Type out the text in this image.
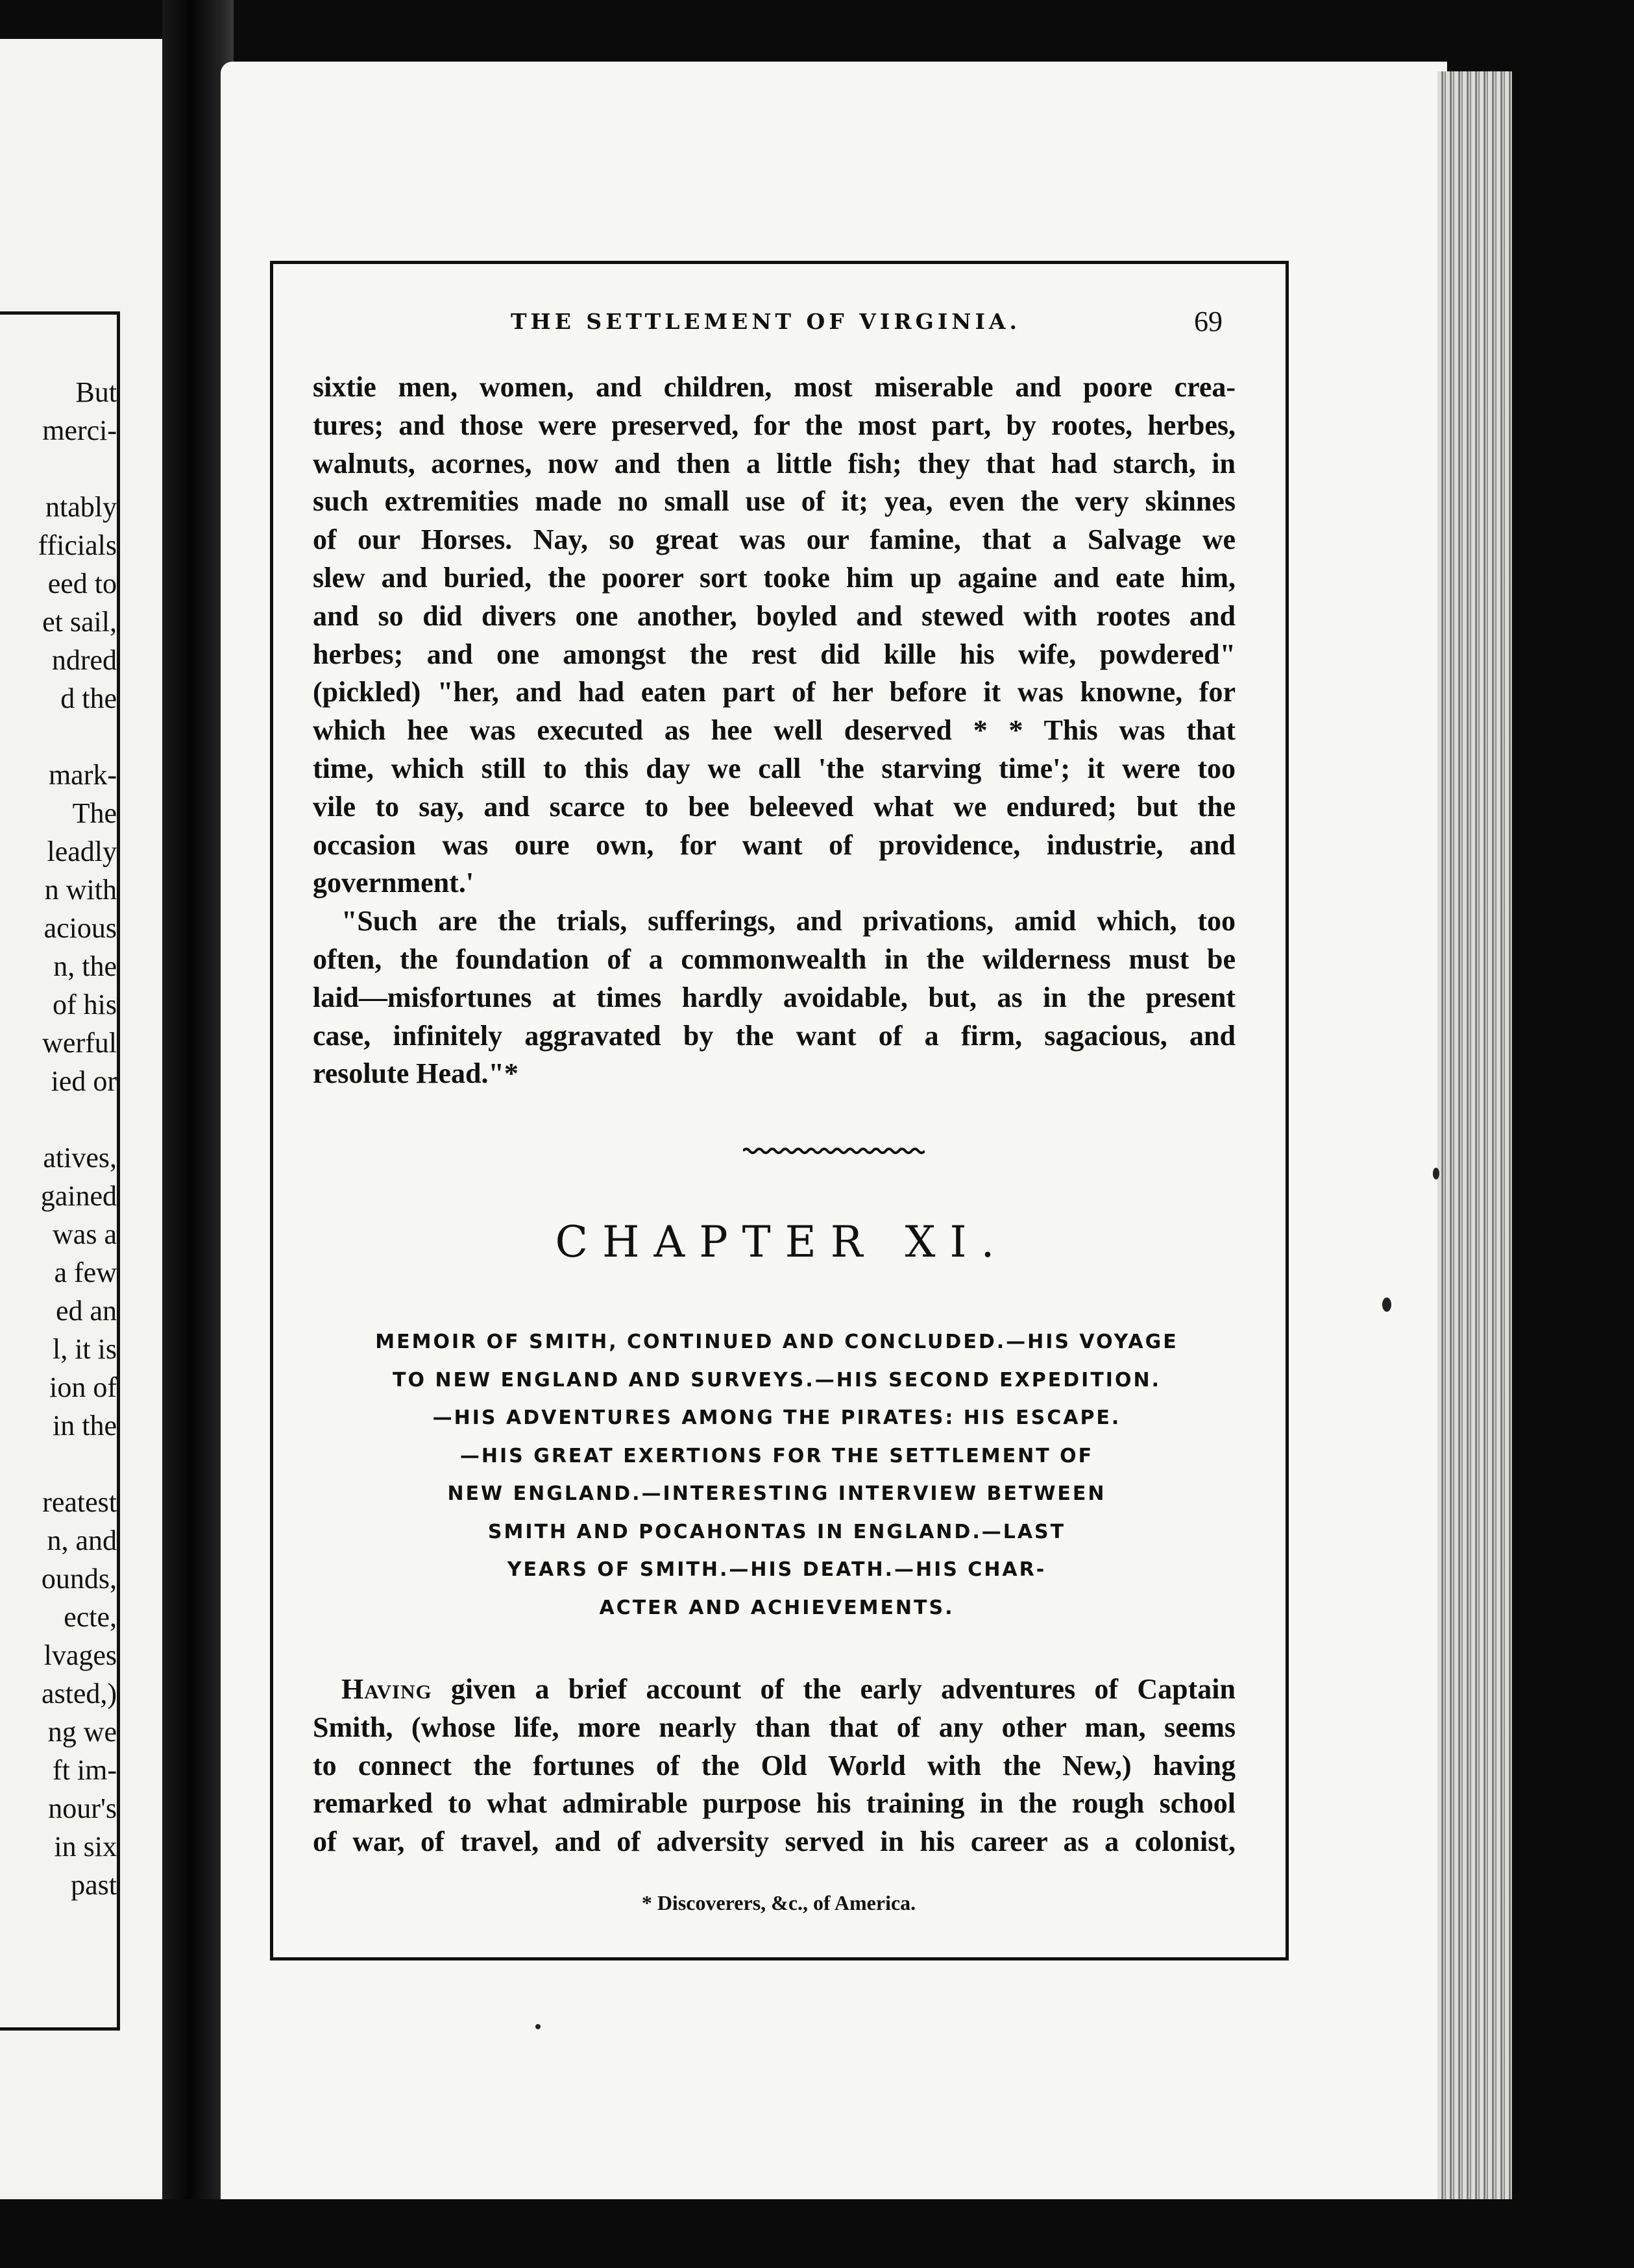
But
merci-
ntably
fficials
eed to
et sail,
ndred
d the
mark-
The
leadly
n with
acious
n, the
of his
werful
ied or
atives,
gained
was a
a few
ed an
l, it is
ion of
in the
reatest
n, and
ounds,
ecte,
lvages
asted,)
ng we
ft im-
nour's
in six
past
THE SETTLEMENT OF VIRGINIA.	69
sixtie men, women, and children, most miserable and poore crea-
tures; and those were preserved, for the most part, by rootes, herbes,
walnuts, acornes, now and then a little fish; they that had starch, in
such extremities made no small use of it; yea, even the very skinnes
of our Horses. Nay, so great was our famine, that a Salvage we
slew and buried, the poorer sort tooke him up againe and eate him,
and so did divers one another, boyled and stewed with rootes and
herbes; and one amongst the rest did kille his wife, powdered"
(pickled) "her, and had eaten part of her before it was knowne, for
which hee was executed as hee well deserved * * This was that
time, which still to this day we call 'the starving time'; it were too
vile to say, and scarce to bee beleeved what we endured; but the
occasion was oure own, for want of providence, industrie, and
government.'
"Such are the trials, sufferings, and privations, amid which, too
often, the foundation of a commonwealth in the wilderness must be
laid—misfortunes at times hardly avoidable, but, as in the present
case, infinitely aggravated by the want of a firm, sagacious, and
resolute Head."*
CHAPTER XI.
MEMOIR OF SMITH, CONTINUED AND CONCLUDED.—HIS VOYAGE
TO NEW ENGLAND AND SURVEYS.—HIS SECOND EXPEDITION.
—HIS ADVENTURES AMONG THE PIRATES: HIS ESCAPE.
—HIS GREAT EXERTIONS FOR THE SETTLEMENT OF
NEW ENGLAND.—INTERESTING INTERVIEW BETWEEN
SMITH AND POCAHONTAS IN ENGLAND.—LAST
YEARS OF SMITH.—HIS DEATH.—HIS CHAR-
ACTER AND ACHIEVEMENTS.
Having given a brief account of the early adventures of Captain
Smith, (whose life, more nearly than that of any other man, seems
to connect the fortunes of the Old World with the New,) having
remarked to what admirable purpose his training in the rough school
of war, of travel, and of adversity served in his career as a colonist,
* Discoverers, &c., of America.
